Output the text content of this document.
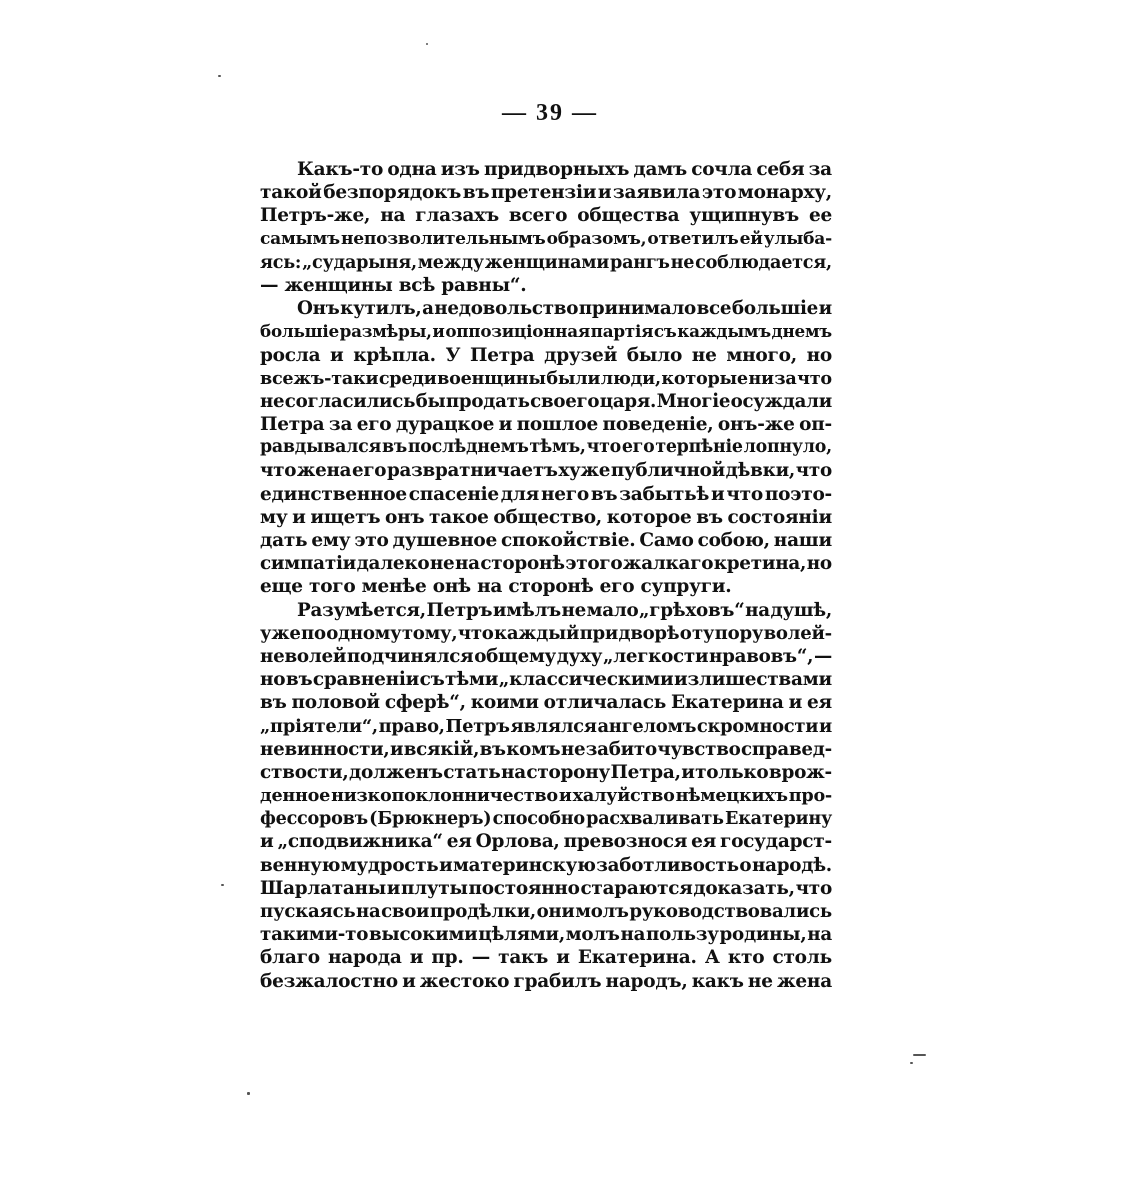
— 39 —
Какъ-то одна изъ придворныхъ дамъ сочла себя за
такой безпорядокъ въ претензіи и заявила это монарху,
Петръ-же, на глазахъ всего общества ущипнувъ ее
самымъ непозволительнымъ образомъ, ответилъ ей улыба-
ясь: „сударыня, между женщинами рангъ не соблюдается,
— женщины всѣ равны“.
Онъ кутилъ, а недовольство принимало все большіе и
большіе размѣры, и оппозиціонная партія съ каждымъ днемъ
росла и крѣпла. У Петра друзей было не много, но
всежъ-таки среди военщины были люди, которые ни за что
не согласились бы продать своего царя. Многіе осуждали
Петра за его дурацкое и пошлое поведеніе, онъ-же оп-
равдывался въ послѣднемъ тѣмъ, что его терпѣніе лопнуло,
что жена его развратничаетъ хуже публичной дѣвки, что
единственное спасеніе для него въ забытьѣ и что поэто-
му и ищетъ онъ такое общество, которое въ состояніи
дать ему это душевное спокойствіе. Само собою, наши
симпатіи далеко не на сторонѣ этого жалкаго кретина, но
еще того менѣе онѣ на сторонѣ его супруги.
Разумѣется, Петръ имѣлъ не мало „грѣховъ“ на душѣ,
уже по одному тому, что каждый при дворѣ о ту пору волей-
неволей подчинялся общему духу „легкости нравовъ“, —
но въ сравненіи съ тѣми „классическими излишествами
въ половой сферѣ“, коими отличалась Екатерина и ея
„пріятели“, право, Петръ являлся ангеломъ скромности и
невинности, и всякій, въ комъ не забито чувство справед-
ствости, долженъ стать на сторону Петра, и только врож-
денное низкопоклонничество и халуйство нѣмецкихъ про-
фессоровъ (Брюкнеръ) способно расхваливать Екатерину
и „сподвижника“ ея Орлова, превознося ея государст-
венную мудрость и материнскую заботливость о народѣ.
Шарлатаны и плуты постоянно стараются доказать, что
пускаясь на свои продѣлки, они молъ руководствовались
такими-то высокими цѣлями, молъ на пользу родины, на
благо народа и пр. — такъ и Екатерина. А кто столь
безжалостно и жестоко грабилъ народъ, какъ не жена
